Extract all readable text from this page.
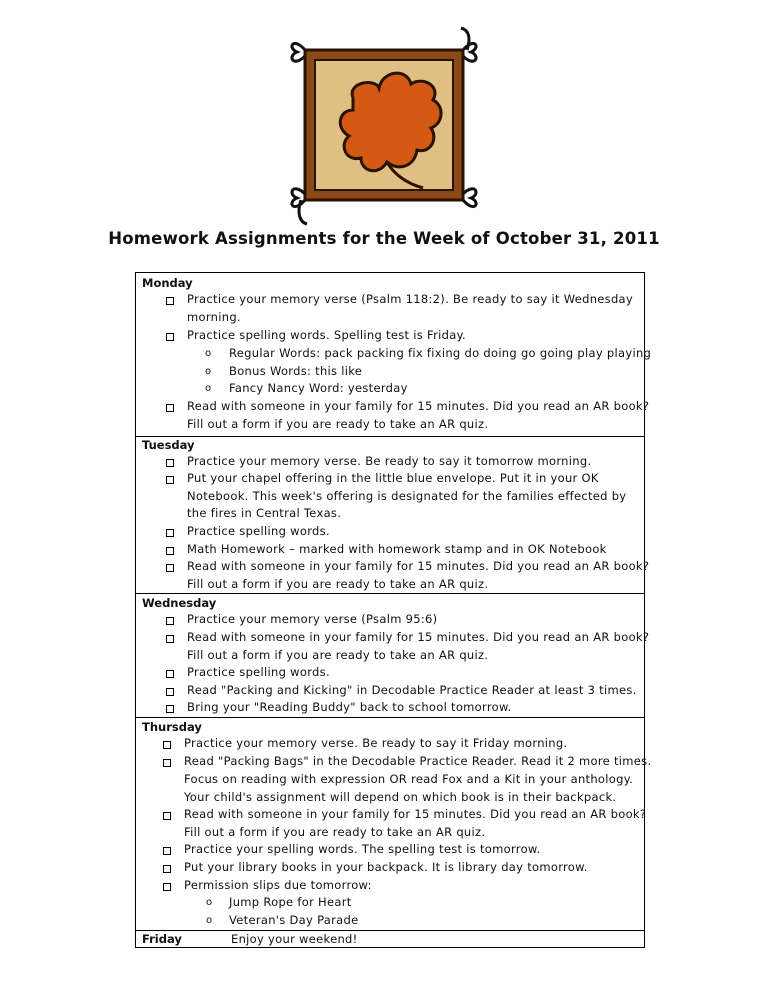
Homework Assignments for the Week of October 31, 2011
Monday
Practice your memory verse (Psalm 118:2). Be ready to say it Wednesday
morning.
Practice spelling words. Spelling test is Friday.
o Regular Words: pack packing fix fixing do doing go going play playing
o Bonus Words: this like
o Fancy Nancy Word: yesterday
Read with someone in your family for 15 minutes. Did you read an AR book?
Fill out a form if you are ready to take an AR quiz.
Tuesday
Practice your memory verse. Be ready to say it tomorrow morning.
Put your chapel offering in the little blue envelope. Put it in your OK
Notebook. This week's offering is designated for the families effected by
the fires in Central Texas.
Practice spelling words.
Math Homework – marked with homework stamp and in OK Notebook
Read with someone in your family for 15 minutes. Did you read an AR book?
Fill out a form if you are ready to take an AR quiz.
Wednesday
Practice your memory verse (Psalm 95:6)
Read with someone in your family for 15 minutes. Did you read an AR book?
Fill out a form if you are ready to take an AR quiz.
Practice spelling words.
Read "Packing and Kicking" in Decodable Practice Reader at least 3 times.
Bring your "Reading Buddy" back to school tomorrow.
Thursday
Practice your memory verse. Be ready to say it Friday morning.
Read "Packing Bags" in the Decodable Practice Reader. Read it 2 more times.
Focus on reading with expression OR read Fox and a Kit in your anthology.
Your child's assignment will depend on which book is in their backpack.
Read with someone in your family for 15 minutes. Did you read an AR book?
Fill out a form if you are ready to take an AR quiz.
Practice your spelling words. The spelling test is tomorrow.
Put your library books in your backpack. It is library day tomorrow.
Permission slips due tomorrow:
o Jump Rope for Heart
o Veteran's Day Parade
Friday	Enjoy your weekend!
